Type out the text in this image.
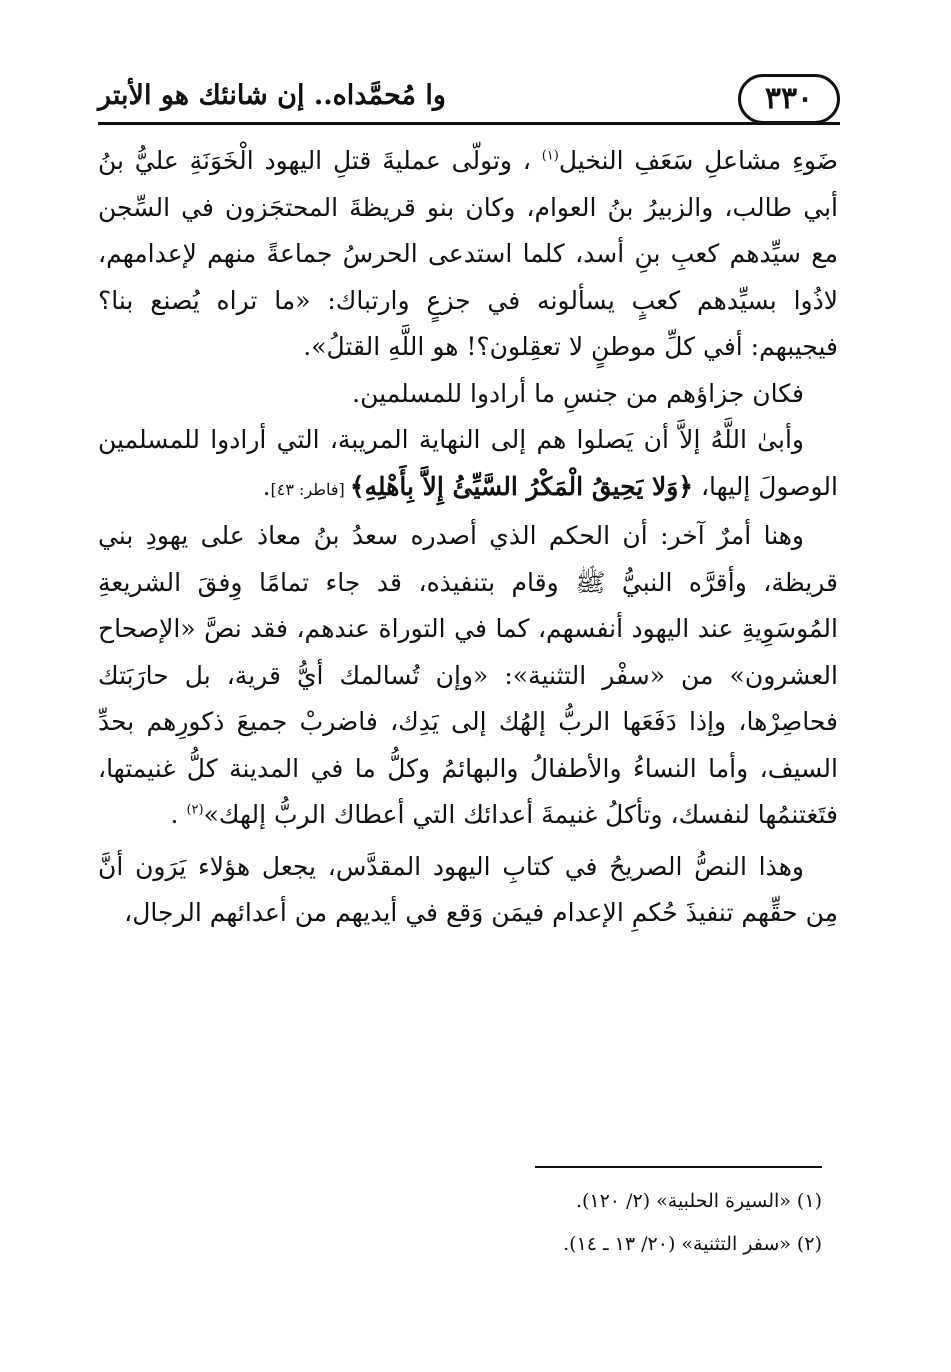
٣٣٠
وا مُحمَّداه.. إن شانئك هو الأبتر

ضَوءِ مشاعلِ سَعَفِ النخيل$^{(١)}$ ، وتولّى عمليةَ قتلِ اليهود الْخَوَنَةِ عليُّ بنُ أبي طالب، والزبيرُ بنُ العوام، وكان بنو قريظةَ المحتجَزون في السِّجن مع سيِّدهم كعبِ بنِ أسد، كلما استدعى الحرسُ جماعةً منهم لإعدامهم، لاذُوا بسيِّدهم كعبٍ يسألونه في جزعٍ وارتباك: «ما تراه يُصنع بنا؟ فيجيبهم: أفي كلِّ موطنٍ لا تعقِلون؟! هو اللَّهِ القتلُ».

فكان جزاؤهم من جنسِ ما أرادوا للمسلمين.

وأبىٰ اللَّهُ إلاَّ أن يَصلوا هم إلى النهاية المريبة، التي أرادوا للمسلمين الوصولَ إليها، ﴿وَلا يَحِيقُ الْمَكْرُ السَّيِّئُ إِلاَّ بِأَهْلِهِ﴾ [فاطر: ٤٣].

وهنا أمرٌ آخر: أن الحكم الذي أصدره سعدُ بنُ معاذ على يهودِ بني قريظة، وأقرَّه النبيُّ ﷺ وقام بتنفيذه، قد جاء تمامًا وِفقَ الشريعةِ المُوسَوِيةِ عند اليهود أنفسهم، كما في التوراة عندهم، فقد نصَّ «الإصحاح العشرون» من «سفْر التثنية»: «وإن تُسالمك أيُّ قرية، بل حارَبَتك فحاصِرْها، وإذا دَفَعَها الربُّ إلهُك إلى يَدِك، فاضربْ جميعَ ذكورِهم بحدِّ السيف، وأما النساءُ والأطفالُ والبهائمُ وكلُّ ما في المدينة كلُّ غنيمتها، فتَغتنمُها لنفسك، وتأكلُ غنيمةَ أعدائك التي أعطاك الربُّ إلهك»$^{(٢)}$ .

وهذا النصُّ الصريحُ في كتابِ اليهود المقدَّس، يجعل هؤلاء يَرَون أنَّ مِن حقِّهم تنفيذَ حُكمِ الإعدام فيمَن وَقع في أيديهم من أعدائهم الرجال،

(١) «السيرة الحلبية» (٢/ ١٢٠).
(٢) «سفر التثنية» (٢٠/ ١٣ ـ ١٤).
